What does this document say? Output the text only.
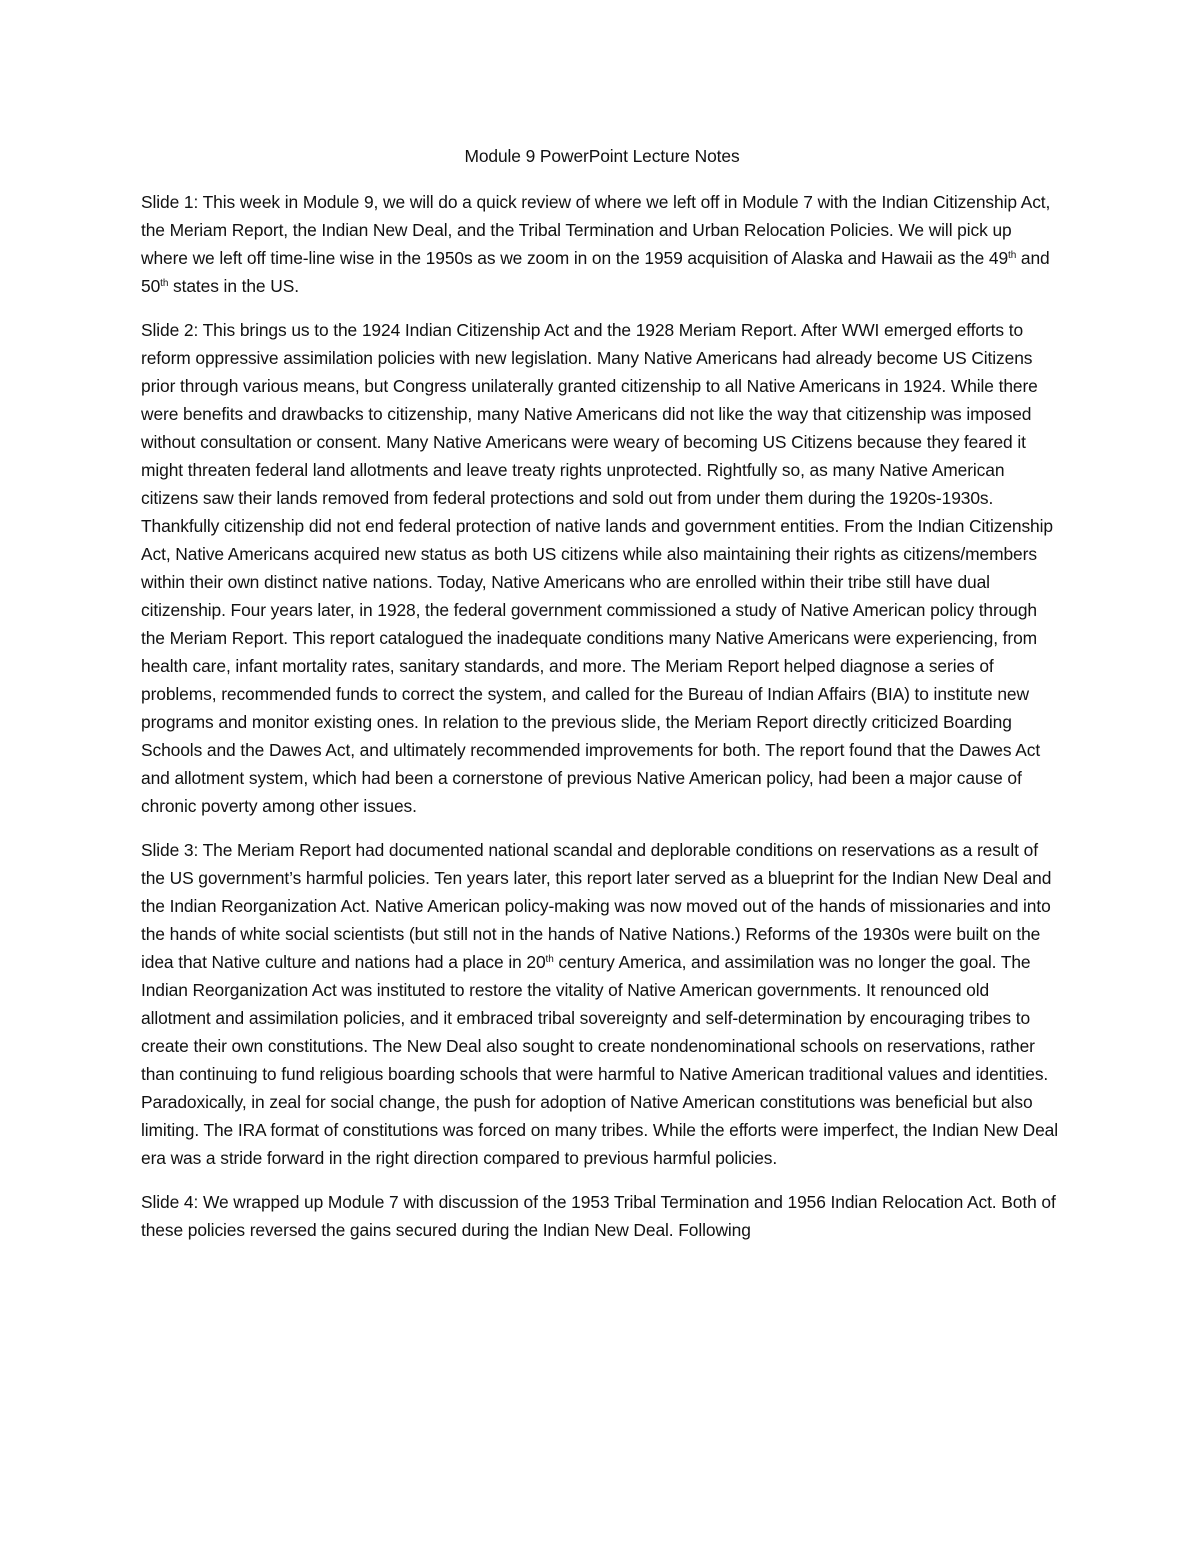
Module 9 PowerPoint Lecture Notes

Slide 1: This week in Module 9, we will do a quick review of where we left off in Module 7 with the Indian Citizenship Act, the Meriam Report, the Indian New Deal, and the Tribal Termination and Urban Relocation Policies. We will pick up where we left off time-line wise in the 1950s as we zoom in on the 1959 acquisition of Alaska and Hawaii as the 49th and 50th states in the US.

Slide 2: This brings us to the 1924 Indian Citizenship Act and the 1928 Meriam Report. After WWI emerged efforts to reform oppressive assimilation policies with new legislation. Many Native Americans had already become US Citizens prior through various means, but Congress unilaterally granted citizenship to all Native Americans in 1924. While there were benefits and drawbacks to citizenship, many Native Americans did not like the way that citizenship was imposed without consultation or consent. Many Native Americans were weary of becoming US Citizens because they feared it might threaten federal land allotments and leave treaty rights unprotected. Rightfully so, as many Native American citizens saw their lands removed from federal protections and sold out from under them during the 1920s-1930s. Thankfully citizenship did not end federal protection of native lands and government entities. From the Indian Citizenship Act, Native Americans acquired new status as both US citizens while also maintaining their rights as citizens/members within their own distinct native nations. Today, Native Americans who are enrolled within their tribe still have dual citizenship. Four years later, in 1928, the federal government commissioned a study of Native American policy through the Meriam Report. This report catalogued the inadequate conditions many Native Americans were experiencing, from health care, infant mortality rates, sanitary standards, and more. The Meriam Report helped diagnose a series of problems, recommended funds to correct the system, and called for the Bureau of Indian Affairs (BIA) to institute new programs and monitor existing ones. In relation to the previous slide, the Meriam Report directly criticized Boarding Schools and the Dawes Act, and ultimately recommended improvements for both. The report found that the Dawes Act and allotment system, which had been a cornerstone of previous Native American policy, had been a major cause of chronic poverty among other issues.

Slide 3: The Meriam Report had documented national scandal and deplorable conditions on reservations as a result of the US government’s harmful policies. Ten years later, this report later served as a blueprint for the Indian New Deal and the Indian Reorganization Act. Native American policy-making was now moved out of the hands of missionaries and into the hands of white social scientists (but still not in the hands of Native Nations.) Reforms of the 1930s were built on the idea that Native culture and nations had a place in 20th century America, and assimilation was no longer the goal. The Indian Reorganization Act was instituted to restore the vitality of Native American governments. It renounced old allotment and assimilation policies, and it embraced tribal sovereignty and self-determination by encouraging tribes to create their own constitutions. The New Deal also sought to create nondenominational schools on reservations, rather than continuing to fund religious boarding schools that were harmful to Native American traditional values and identities. Paradoxically, in zeal for social change, the push for adoption of Native American constitutions was beneficial but also limiting. The IRA format of constitutions was forced on many tribes. While the efforts were imperfect, the Indian New Deal era was a stride forward in the right direction compared to previous harmful policies.

Slide 4: We wrapped up Module 7 with discussion of the 1953 Tribal Termination and 1956 Indian Relocation Act. Both of these policies reversed the gains secured during the Indian New Deal. Following
